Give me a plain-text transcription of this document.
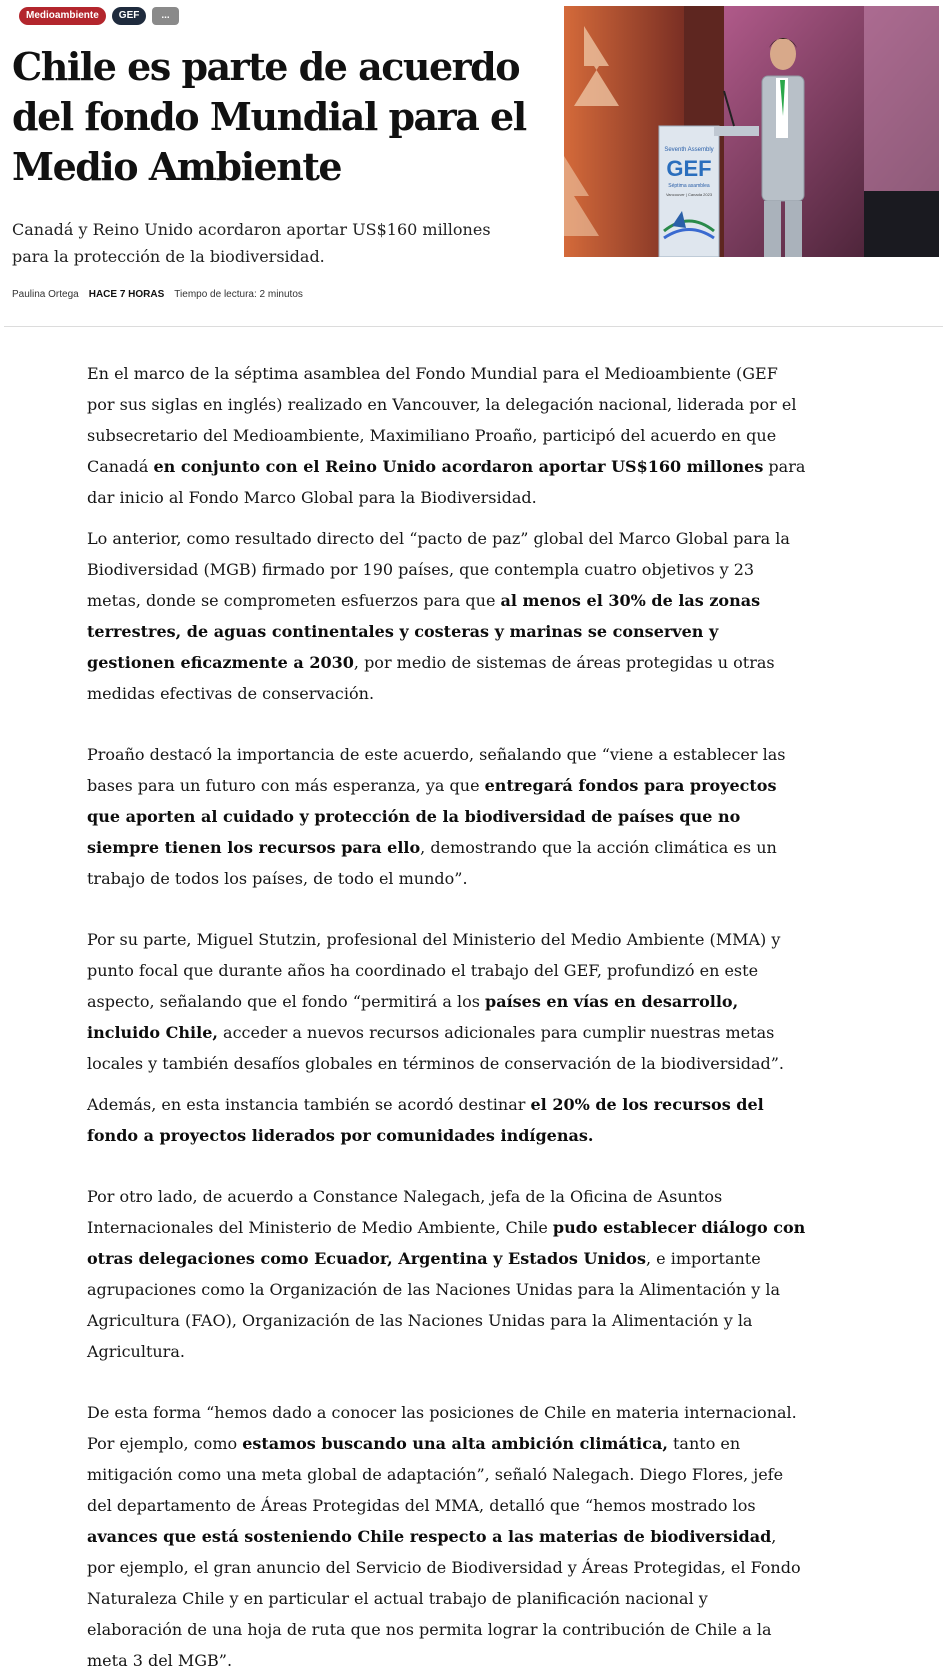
Medioambiente	GEF	...
Chile es parte de acuerdo del fondo Mundial para el Medio Ambiente

Canadá y Reino Unido acordaron aportar US$160 millones para la protección de la biodiversidad.

Paulina Ortega HACE 7 HORAS Tiempo de lectura: 2 minutos
Seventh Assembly
GEF
Séptima asamblea
Vancouver | Canada 2023

En el marco de la séptima asamblea del Fondo Mundial para el Medioambiente (GEF por sus siglas en inglés) realizado en Vancouver, la delegación nacional, liderada por el subsecretario del Medioambiente, Maximiliano Proaño, participó del acuerdo en que Canadá en conjunto con el Reino Unido acordaron aportar US$160 millones para dar inicio al Fondo Marco Global para la Biodiversidad.

Lo anterior, como resultado directo del “pacto de paz” global del Marco Global para la Biodiversidad (MGB) firmado por 190 países, que contempla cuatro objetivos y 23 metas, donde se comprometen esfuerzos para que al menos el 30% de las zonas terrestres, de aguas continentales y costeras y marinas se conserven y gestionen eficazmente a 2030, por medio de sistemas de áreas protegidas u otras medidas efectivas de conservación.

Proaño destacó la importancia de este acuerdo, señalando que “viene a establecer las bases para un futuro con más esperanza, ya que entregará fondos para proyectos que aporten al cuidado y protección de la biodiversidad de países que no siempre tienen los recursos para ello, demostrando que la acción climática es un trabajo de todos los países, de todo el mundo”.

Por su parte, Miguel Stutzin, profesional del Ministerio del Medio Ambiente (MMA) y punto focal que durante años ha coordinado el trabajo del GEF, profundizó en este aspecto, señalando que el fondo “permitirá a los países en vías en desarrollo, incluido Chile, acceder a nuevos recursos adicionales para cumplir nuestras metas locales y también desafíos globales en términos de conservación de la biodiversidad”.

Además, en esta instancia también se acordó destinar el 20% de los recursos del fondo a proyectos liderados por comunidades indígenas.

Por otro lado, de acuerdo a Constance Nalegach, jefa de la Oficina de Asuntos Internacionales del Ministerio de Medio Ambiente, Chile pudo establecer diálogo con otras delegaciones como Ecuador, Argentina y Estados Unidos, e importante agrupaciones como la Organización de las Naciones Unidas para la Alimentación y la Agricultura (FAO), Organización de las Naciones Unidas para la Alimentación y la Agricultura.

De esta forma “hemos dado a conocer las posiciones de Chile en materia internacional. Por ejemplo, como estamos buscando una alta ambición climática, tanto en mitigación como una meta global de adaptación”, señaló Nalegach. Diego Flores, jefe del departamento de Áreas Protegidas del MMA, detalló que “hemos mostrado los avances que está sosteniendo Chile respecto a las materias de biodiversidad, por ejemplo, el gran anuncio del Servicio de Biodiversidad y Áreas Protegidas, el Fondo Naturaleza Chile y en particular el actual trabajo de planificación nacional y elaboración de una hoja de ruta que nos permita lograr la contribución de Chile a la meta 3 del MGB”.
